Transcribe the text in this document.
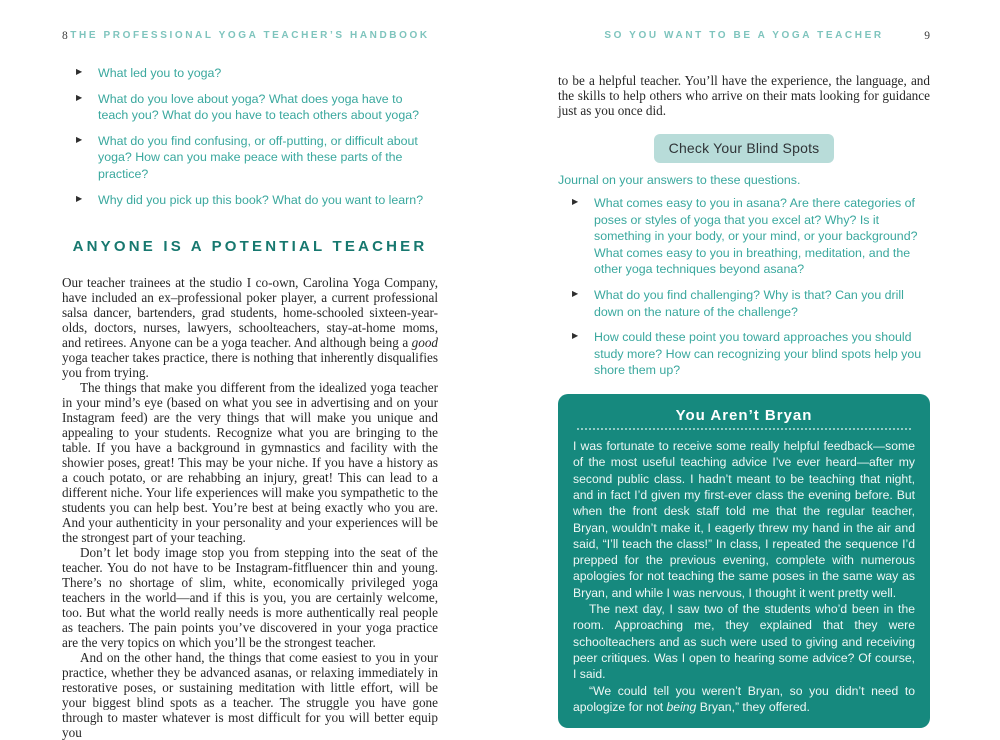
8 THE PROFESSIONAL YOGA TEACHER’S HANDBOOK
▶ What led you to yoga?
▶ What do you love about yoga? What does yoga have to teach you? What do you have to teach others about yoga?
▶ What do you find confusing, or off-putting, or difficult about yoga? How can you make peace with these parts of the practice?
▶ Why did you pick up this book? What do you want to learn?
ANYONE IS A POTENTIAL TEACHER

Our teacher trainees at the studio I co-own, Carolina Yoga Company, have included an ex–professional poker player, a current professional salsa dancer, bartenders, grad students, home-schooled sixteen-year-olds, doctors, nurses, lawyers, schoolteachers, stay-at-home moms, and retirees. Anyone can be a yoga teacher. And although being a good yoga teacher takes practice, there is nothing that inherently disqualifies you from trying.

The things that make you different from the idealized yoga teacher in your mind’s eye (based on what you see in advertising and on your Instagram feed) are the very things that will make you unique and appealing to your students. Recognize what you are bringing to the table. If you have a background in gymnastics and facility with the showier poses, great! This may be your niche. If you have a history as a couch potato, or are rehabbing an injury, great! This can lead to a different niche. Your life experiences will make you sympathetic to the students you can help best. You’re best at being exactly who you are. And your authenticity in your personality and your experiences will be the strongest part of your teaching.

Don’t let body image stop you from stepping into the seat of the teacher. You do not have to be Instagram-fitfluencer thin and young. There’s no shortage of slim, white, economically privileged yoga teachers in the world—and if this is you, you are certainly welcome, too. But what the world really needs is more authentically real people as teachers. The pain points you’ve discovered in your yoga practice are the very topics on which you’ll be the strongest teacher.

And on the other hand, the things that come easiest to you in your practice, whether they be advanced asanas, or relaxing immediately in restorative poses, or sustaining meditation with little effort, will be your biggest blind spots as a teacher. The struggle you have gone through to master whatever is most difficult for you will better equip you

SO YOU WANT TO BE A YOGA TEACHER	9

to be a helpful teacher. You’ll have the experience, the language, and the skills to help others who arrive on their mats looking for guidance just as you once did.

Check Your Blind Spots
Journal on your answers to these questions.
▶ What comes easy to you in asana? Are there categories of poses or styles of yoga that you excel at? Why? Is it something in your body, or your mind, or your background? What comes easy to you in breathing, meditation, and the other yoga techniques beyond asana?
▶ What do you find challenging? Why is that? Can you drill down on the nature of the challenge?
▶ How could these point you toward approaches you should study more? How can recognizing your blind spots help you shore them up?
You Aren’t Bryan

I was fortunate to receive some really helpful feedback—some of the most useful teaching advice I’ve ever heard—after my second public class. I hadn’t meant to be teaching that night, and in fact I’d given my first-ever class the evening before. But when the front desk staff told me that the regular teacher, Bryan, wouldn’t make it, I eagerly threw my hand in the air and said, “I’ll teach the class!” In class, I repeated the sequence I’d prepped for the previous evening, complete with numerous apologies for not teaching the same poses in the same way as Bryan, and while I was nervous, I thought it went pretty well.

The next day, I saw two of the students who’d been in the room. Approaching me, they explained that they were schoolteachers and as such were used to giving and receiving peer critiques. Was I open to hearing some advice? Of course, I said.

“We could tell you weren’t Bryan, so you didn’t need to apologize for not being Bryan,” they offered.
